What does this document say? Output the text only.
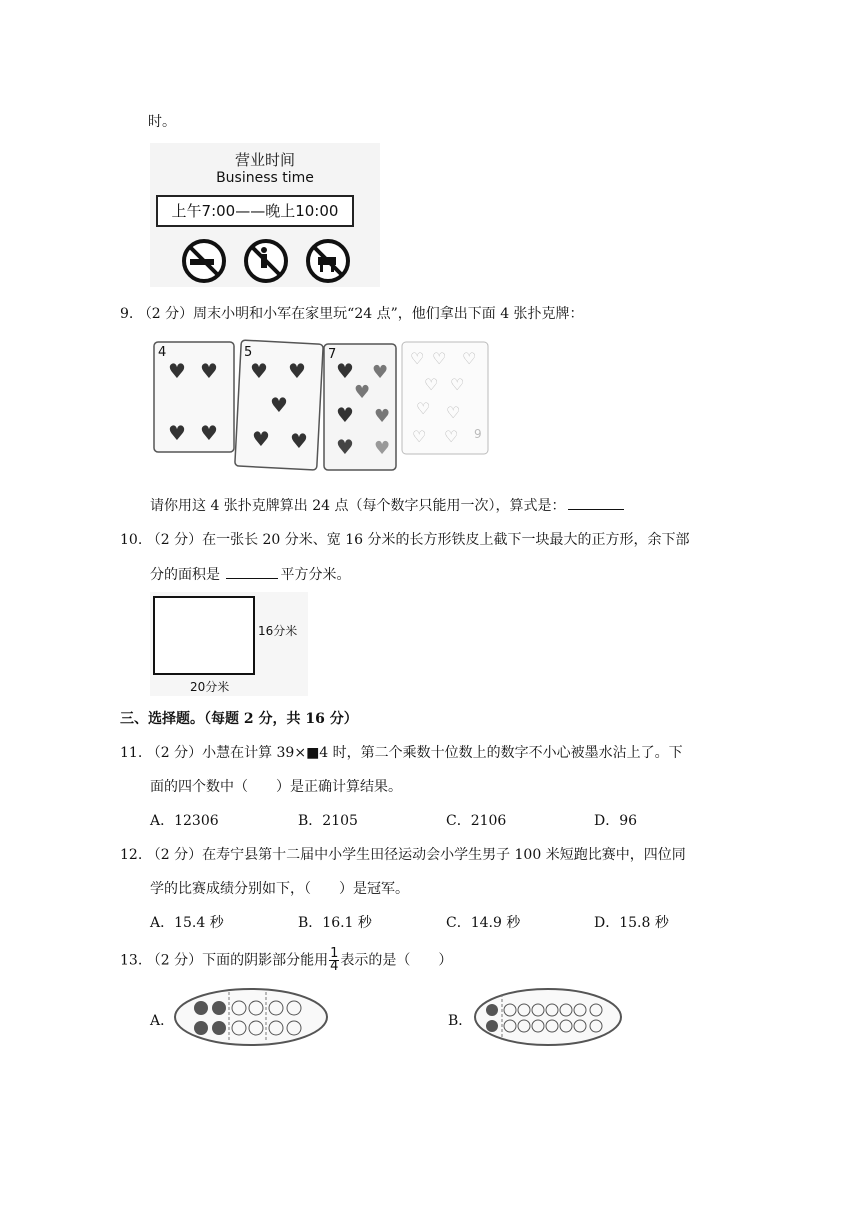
时。
营业时间
Business time
上午7:00——晚上10:00
9. （2 分）周末小明和小军在家里玩“24 点”，他们拿出下面 4 张扑克牌：
4
♥ ♥
♥ ♥
5
♥ ♥
♥
♥ ♥
7
♥ ♥
♥
♥ ♥
♥ ♥
♡ ♡ ♡
♡ ♡
♡ ♡
♡ ♡ 9
请你用这 4 张扑克牌算出 24 点（每个数字只能用一次），算式是：
10. （2 分）在一张长 20 分米、宽 16 分米的长方形铁皮上截下一块最大的正方形，余下部
分的面积是	平方分米。
16分米
20分米
三、选择题。（每题 2 分，共 16 分）
11. （2 分）小慧在计算 39×■4 时，第二个乘数十位数上的数字不小心被墨水沾上了。下
面的四个数中（　　）是正确计算结果。
A．12306	B．2105	C．2106	D．96
12. （2 分）在寿宁县第十二届中小学生田径运动会小学生男子 100 米短跑比赛中，四位同
学的比赛成绩分别如下，（　　）是冠军。
A．15.4 秒	B．16.1 秒	C．14.9 秒	D．15.8 秒
13. （2 分）下面的阴影部分能用 $\frac{1}{4}$ 表示的是（　　）
A．	B．
